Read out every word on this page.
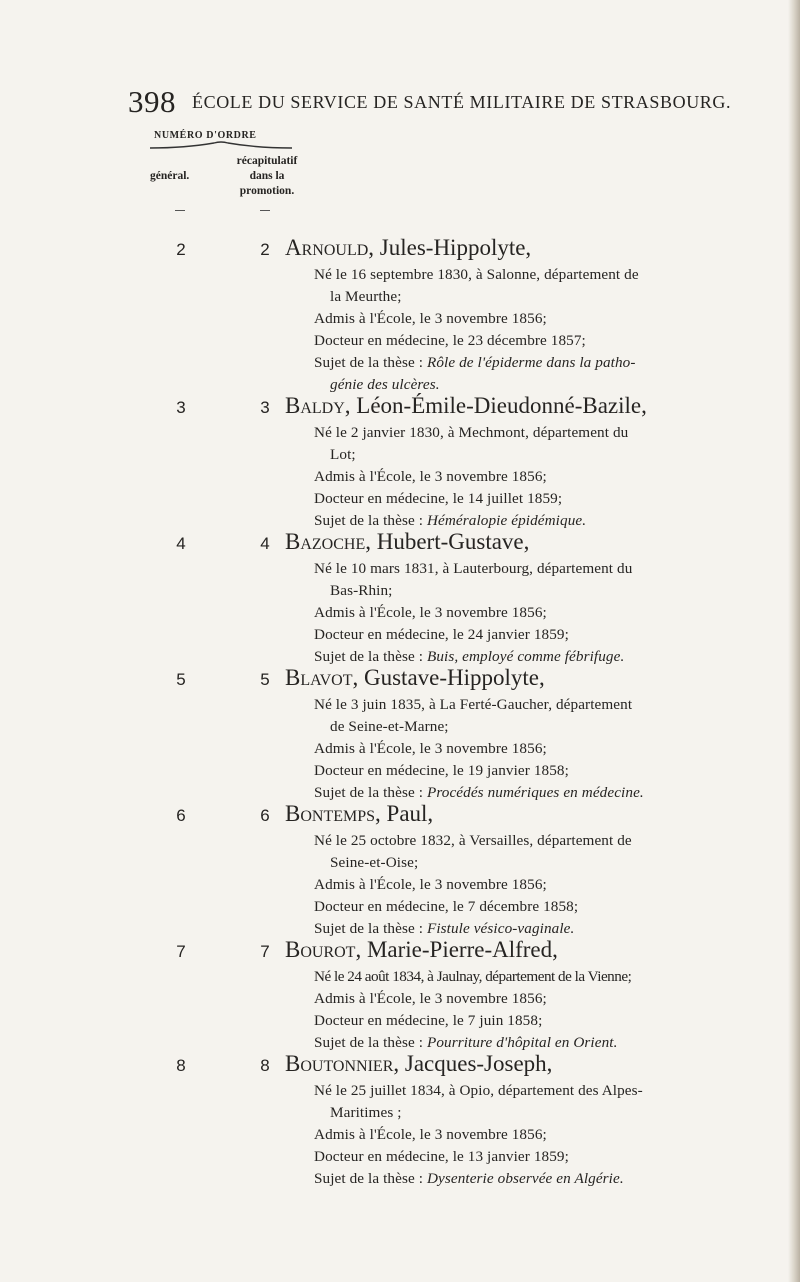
398 ÉCOLE DU SERVICE DE SANTÉ MILITAIRE DE STRASBOURG.
NUMÉRO D'ORDRE
général.
récapitulatif
dans la
promotion.
2	2 Arnould, Jules-Hippolyte,
Né le 16 septembre 1830, à Salonne, département de
la Meurthe;
Admis à l'École, le 3 novembre 1856;
Docteur en médecine, le 23 décembre 1857;
Sujet de la thèse : Rôle de l'épiderme dans la patho-
génie des ulcères.
3	3 Baldy, Léon-Émile-Dieudonné-Bazile,
Né le 2 janvier 1830, à Mechmont, département du
Lot;
Admis à l'École, le 3 novembre 1856;
Docteur en médecine, le 14 juillet 1859;
Sujet de la thèse : Héméralopie épidémique.
4	4 Bazoche, Hubert-Gustave,
Né le 10 mars 1831, à Lauterbourg, département du
Bas-Rhin;
Admis à l'École, le 3 novembre 1856;
Docteur en médecine, le 24 janvier 1859;
Sujet de la thèse : Buis, employé comme fébrifuge.
5	5 Blavot, Gustave-Hippolyte,
Né le 3 juin 1835, à La Ferté-Gaucher, département
de Seine-et-Marne;
Admis à l'École, le 3 novembre 1856;
Docteur en médecine, le 19 janvier 1858;
Sujet de la thèse : Procédés numériques en médecine.
6	6 Bontemps, Paul,
Né le 25 octobre 1832, à Versailles, département de
Seine-et-Oise;
Admis à l'École, le 3 novembre 1856;
Docteur en médecine, le 7 décembre 1858;
Sujet de la thèse : Fistule vésico-vaginale.
7	7 Bourot, Marie-Pierre-Alfred,
Né le 24 août 1834, à Jaulnay, département de la Vienne;
Admis à l'École, le 3 novembre 1856;
Docteur en médecine, le 7 juin 1858;
Sujet de la thèse : Pourriture d'hôpital en Orient.
8	8 Boutonnier, Jacques-Joseph,
Né le 25 juillet 1834, à Opio, département des Alpes-
Maritimes ;
Admis à l'École, le 3 novembre 1856;
Docteur en médecine, le 13 janvier 1859;
Sujet de la thèse : Dysenterie observée en Algérie.
